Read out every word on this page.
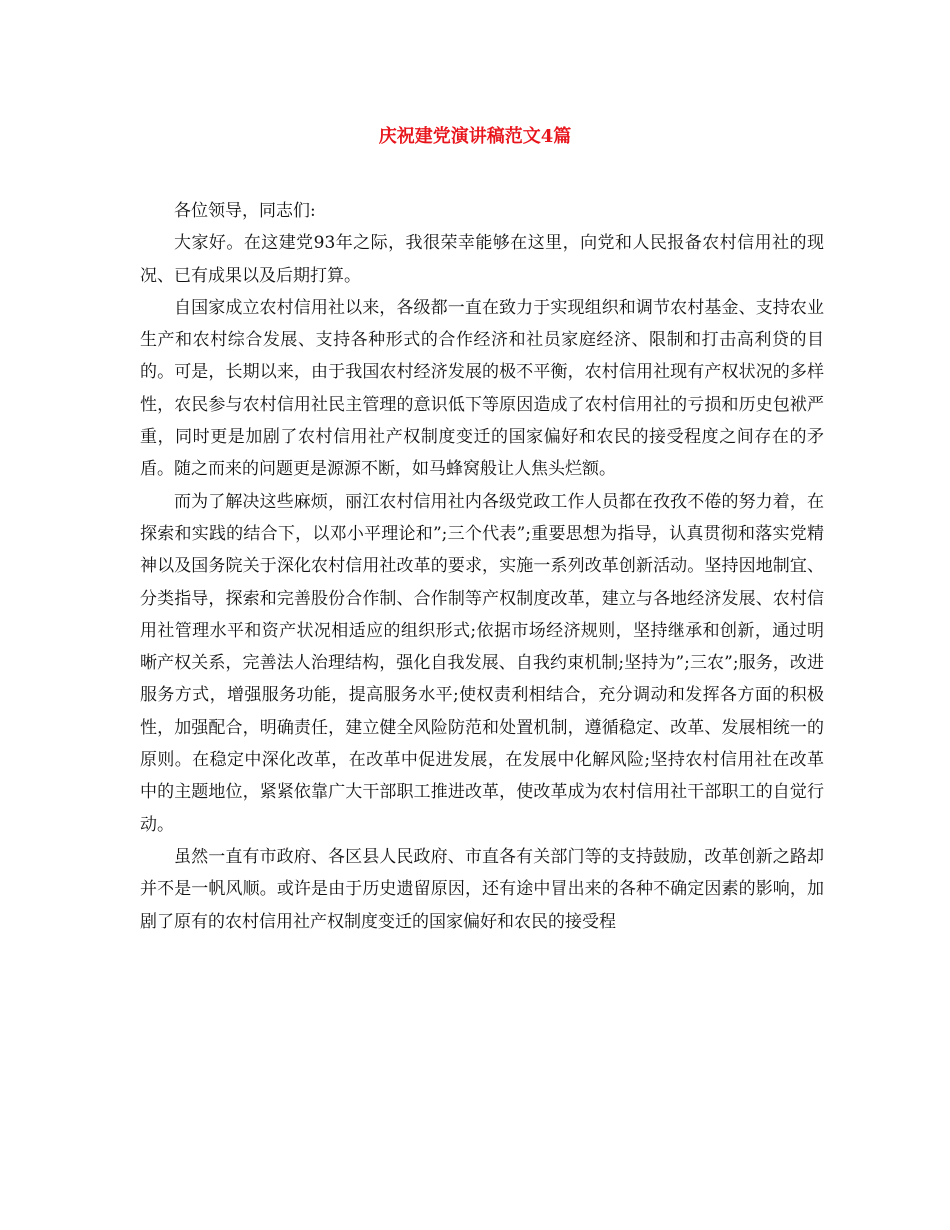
庆祝建党演讲稿范文4篇

各位领导，同志们:

大家好。在这建党93年之际，我很荣幸能够在这里，向党和人民报备农村信用社的现况、已有成果以及后期打算。

自国家成立农村信用社以来，各级都一直在致力于实现组织和调节农村基金、支持农业生产和农村综合发展、支持各种形式的合作经济和社员家庭经济、限制和打击高利贷的目的。可是，长期以来，由于我国农村经济发展的极不平衡，农村信用社现有产权状况的多样性，农民参与农村信用社民主管理的意识低下等原因造成了农村信用社的亏损和历史包袱严重，同时更是加剧了农村信用社产权制度变迁的国家偏好和农民的接受程度之间存在的矛盾。随之而来的问题更是源源不断，如马蜂窝般让人焦头烂额。

而为了解决这些麻烦，丽江农村信用社内各级党政工作人员都在孜孜不倦的努力着，在探索和实践的结合下，以邓小平理论和”;三个代表”;重要思想为指导，认真贯彻和落实党精神以及国务院关于深化农村信用社改革的要求，实施一系列改革创新活动。坚持因地制宜、分类指导，探索和完善股份合作制、合作制等产权制度改革，建立与各地经济发展、农村信用社管理水平和资产状况相适应的组织形式;依据市场经济规则，坚持继承和创新，通过明晰产权关系，完善法人治理结构，强化自我发展、自我约束机制;坚持为”;三农”;服务，改进服务方式，增强服务功能，提高服务水平;使权责利相结合，充分调动和发挥各方面的积极性，加强配合，明确责任，建立健全风险防范和处置机制，遵循稳定、改革、发展相统一的原则。在稳定中深化改革，在改革中促进发展，在发展中化解风险;坚持农村信用社在改革中的主题地位，紧紧依靠广大干部职工推进改革，使改革成为农村信用社干部职工的自觉行动。

虽然一直有市政府、各区县人民政府、市直各有关部门等的支持鼓励，改革创新之路却并不是一帆风顺。或许是由于历史遗留原因，还有途中冒出来的各种不确定因素的影响，加剧了原有的农村信用社产权制度变迁的国家偏好和农民的接受程
